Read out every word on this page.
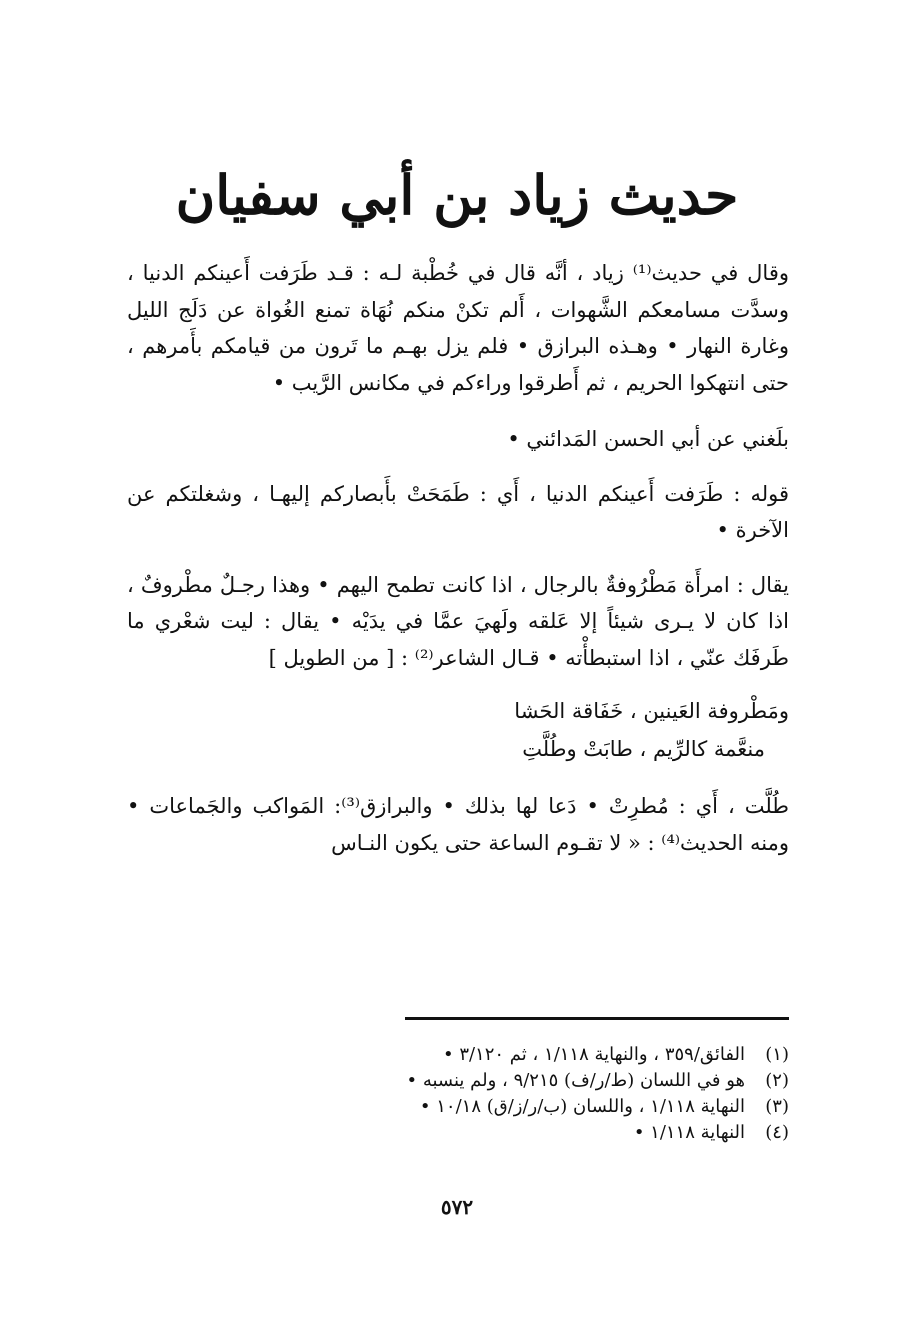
حديث زياد بن أبي سفيان

وقال في حديث⁽¹⁾ زياد ، أنَّه قال في خُطْبة لـه : قـد طَرَفت أَعينكم الدنيا ، وسدَّت مسامعكم الشَّهوات ، أَلم تكنْ منكم نُهَاة تمنع الغُواة عن دَلَج الليل وغارة النهار • وهـذه البرازق • فلم يزل بهـم ما تَرون من قيامكم بأَمرهم ، حتى انتهكوا الحريم ، ثم أَطرقوا وراءكم في مكانس الرَّيب •

بلَغني عن أبي الحسن المَدائني •

قوله : طَرَفت أَعينكم الدنيا ، أَي : طَمَحَتْ بأَبصاركم إليهـا ، وشغلتكم عن الآخرة •

يقال : امرأَة مَطْرُوفةٌ بالرجال ، اذا كانت تطمح اليهم • وهذا رجـلٌ مطْروفٌ ، اذا كان لا يـرى شيئاً إلا عَلقه ولَهيَ عمَّا في يدَيْه • يقال : ليت شعْري ما طَرفَك عنّي ، اذا استبطأْته • قـال الشاعر⁽²⁾ : [ من الطويل ]

ومَطْروفة العَينين ، خَفَاقة الحَشا
منعَّمة كالرِّيم ، طابَتْ وطُلَّتِ

طُلَّت ، أَي : مُطرِتْ • دَعا لها بذلك • والبرازق⁽³⁾: المَواكب والجَماعات • ومنه الحديث⁽⁴⁾ : « لا تقـوم الساعة حتى يكون النـاس

(١)
الفائق/٣٥٩ ، والنهاية ١/١١٨ ، ثم ٣/١٢٠ •
(٢)
هو في اللسان (ط/ر/ف) ٩/٢١٥ ، ولم ينسبه •
(٣)
النهاية ١/١١٨ ، واللسان (ب/ر/ز/ق) ١٠/١٨ •
(٤)
النهاية ١/١١٨ •
٥٧٢
